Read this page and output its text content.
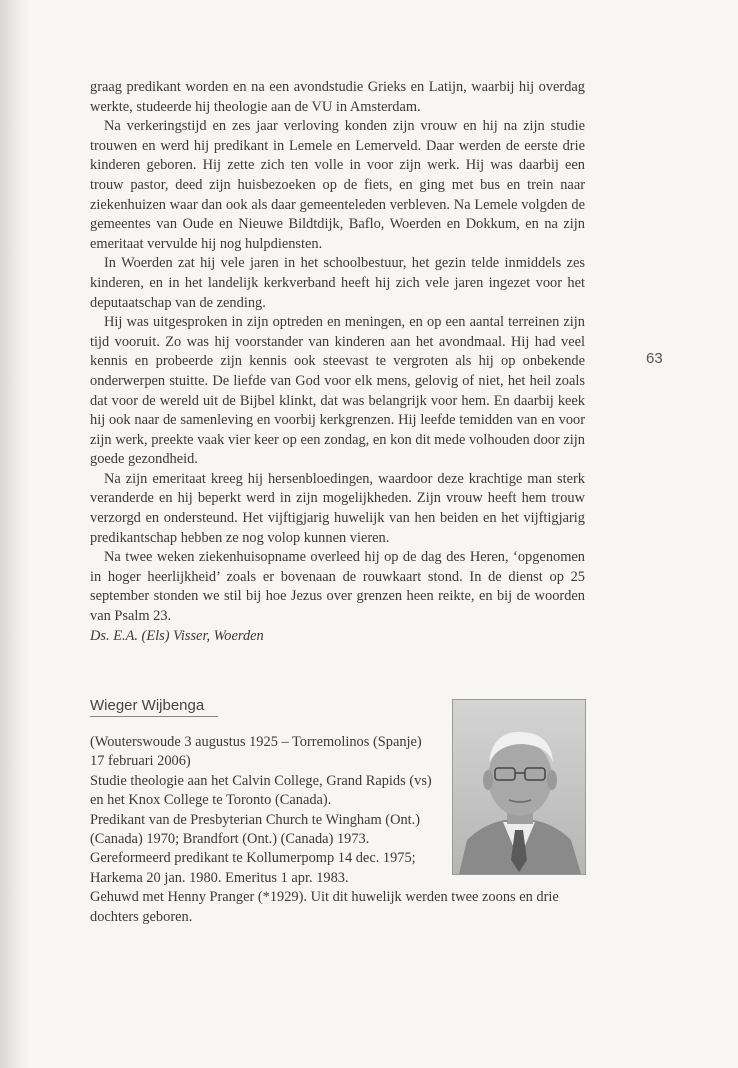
63

graag predikant worden en na een avondstudie Grieks en Latijn, waarbij hij overdag werkte, studeerde hij theologie aan de VU in Amsterdam.

Na verkeringstijd en zes jaar verloving konden zijn vrouw en hij na zijn studie trouwen en werd hij predikant in Lemele en Lemerveld. Daar werden de eerste drie kinderen geboren. Hij zette zich ten volle in voor zijn werk. Hij was daarbij een trouw pastor, deed zijn huisbezoeken op de fiets, en ging met bus en trein naar ziekenhuizen waar dan ook als daar gemeenteleden verbleven. Na Lemele volgden de gemeentes van Oude en Nieuwe Bildtdijk, Baflo, Woerden en Dokkum, en na zijn emeritaat vervulde hij nog hulpdiensten.

In Woerden zat hij vele jaren in het schoolbestuur, het gezin telde inmiddels zes kinderen, en in het landelijk kerkverband heeft hij zich vele jaren ingezet voor het deputaatschap van de zending.

Hij was uitgesproken in zijn optreden en meningen, en op een aantal terreinen zijn tijd vooruit. Zo was hij voorstander van kinderen aan het avondmaal. Hij had veel kennis en probeerde zijn kennis ook steevast te vergroten als hij op onbekende onderwerpen stuitte. De liefde van God voor elk mens, gelovig of niet, het heil zoals dat voor de wereld uit de Bijbel klinkt, dat was belangrijk voor hem. En daarbij keek hij ook naar de samenleving en voorbij kerkgrenzen. Hij leefde temidden van en voor zijn werk, preekte vaak vier keer op een zondag, en kon dit mede volhouden door zijn goede gezondheid.

Na zijn emeritaat kreeg hij hersenbloedingen, waardoor deze krachtige man sterk veranderde en hij beperkt werd in zijn mogelijkheden. Zijn vrouw heeft hem trouw verzorgd en ondersteund. Het vijftigjarig huwelijk van hen beiden en het vijftigjarig predikantschap hebben ze nog volop kunnen vieren.

Na twee weken ziekenhuisopname overleed hij op de dag des Heren, ‘opgenomen in hoger heerlijkheid’ zoals er bovenaan de rouwkaart stond. In de dienst op 25 september stonden we stil bij hoe Jezus over grenzen heen reikte, en bij de woorden van Psalm 23.

Ds. E.A. (Els) Visser, Woerden

Wieger Wijbenga

(Wouterswoude 3 augustus 1925 – Torremolinos (Spanje) 17 februari 2006)

Studie theologie aan het Calvin College, Grand Rapids (vs) en het Knox College te Toronto (Canada).

Predikant van de Presbyterian Church te Wingham (Ont.) (Canada) 1970; Brandfort (Ont.) (Canada) 1973. Gereformeerd predikant te Kollumerpomp 14 dec. 1975; Harkema 20 jan. 1980. Emeritus 1 apr. 1983.

Gehuwd met Henny Pranger (*1929). Uit dit huwelijk werden twee zoons en drie dochters geboren.
